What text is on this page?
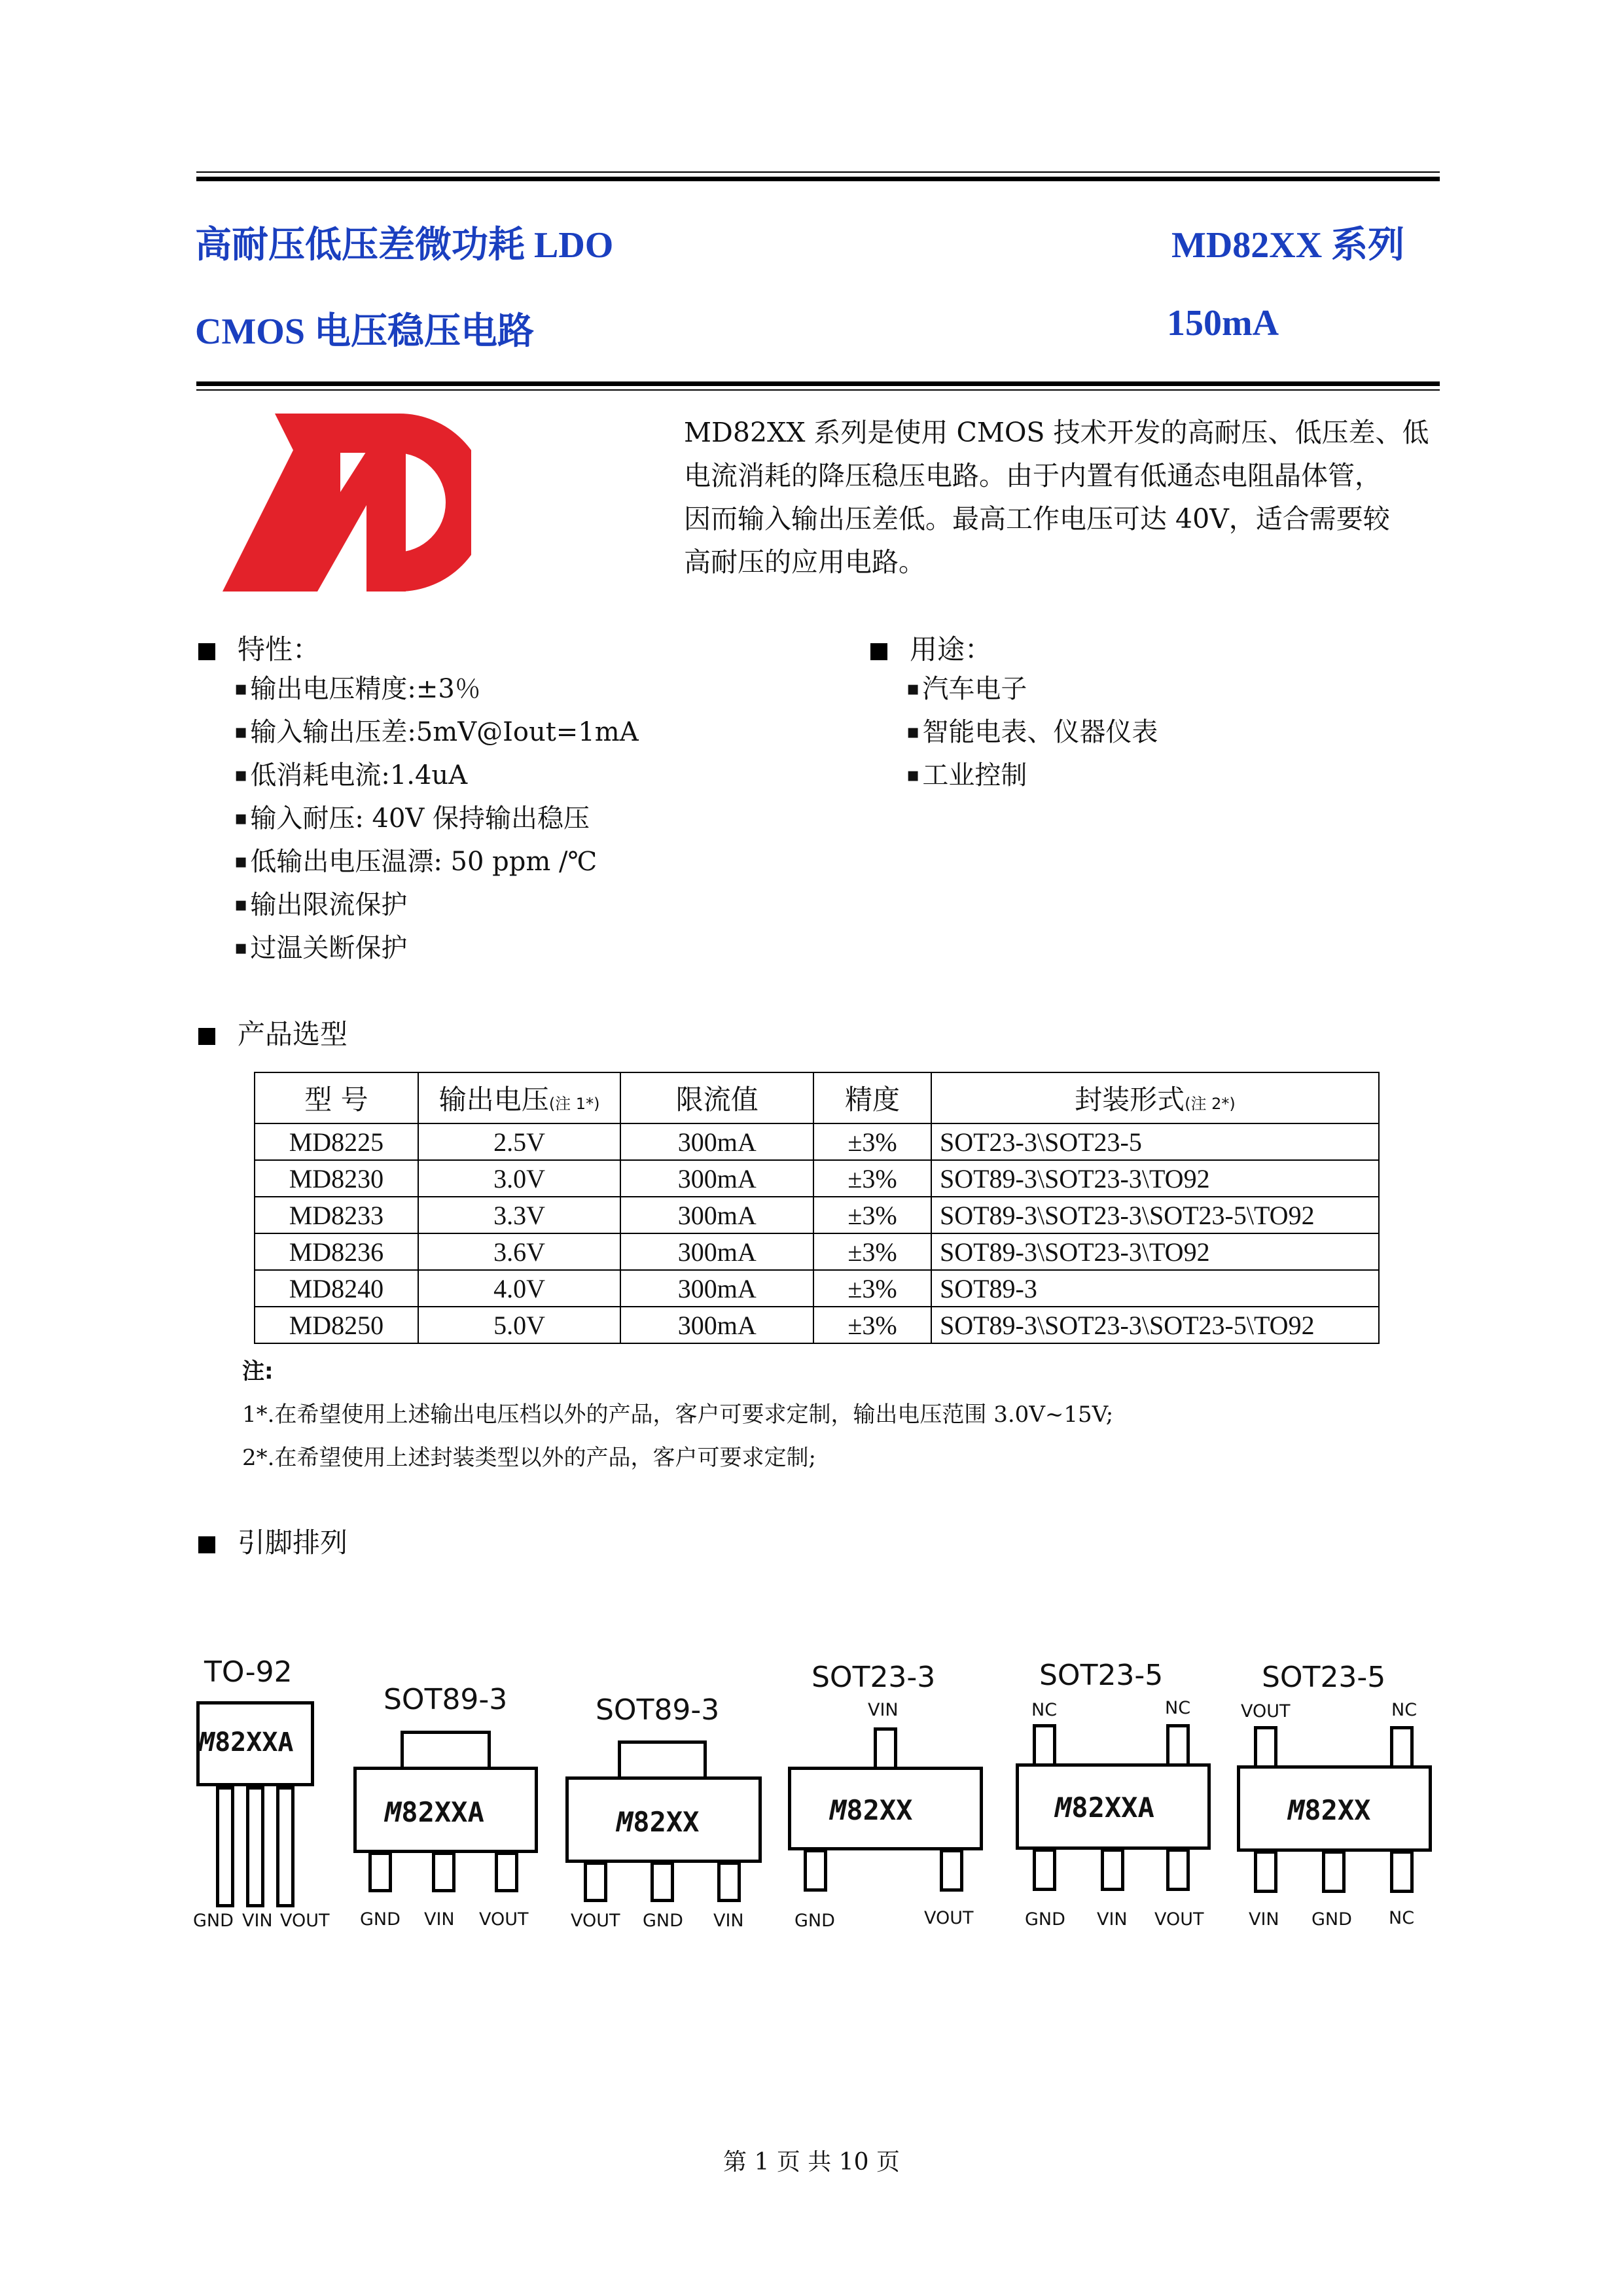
高耐压低压差微功耗 LDO	MD82XX 系列
CMOS 电压稳压电路	150mA

MD82XX 系列是使用 CMOS 技术开发的高耐压、低压差、低

电流消耗的降压稳压电路。由于内置有低通态电阻晶体管，

因而输入输出压差低。最高工作电压可达 40V，适合需要较

高耐压的应用电路。

特性：
▪ 输出电压精度:±3％
▪ 输入输出压差:5mV@Iout=1mA
▪ 低消耗电流:1.4uA
▪ 输入耐压: 40V 保持输出稳压
▪ 低输出电压温漂: 50 ppm /℃
▪ 输出限流保护
▪ 过温关断保护
用途：
▪ 汽车电子
▪ 智能电表、仪器仪表
▪ 工业控制
产品选型
型 号	输出电压(注 1*)	限流值	精度	封装形式(注 2*)
MD8225	2.5V	300mA	±3%	SOT23-3\SOT23-5
MD8230	3.0V	300mA	±3%	SOT89-3\SOT23-3\TO92
MD8233	3.3V	300mA	±3%	SOT89-3\SOT23-3\SOT23-5\TO92
MD8236	3.6V	300mA	±3%	SOT89-3\SOT23-3\TO92
MD8240	4.0V	300mA	±3%	SOT89-3
MD8250	5.0V	300mA	±3%	SOT89-3\SOT23-3\SOT23-5\TO92
注:
1*.在希望使用上述输出电压档以外的产品，客户可要求定制，输出电压范围 3.0V~15V;
2*.在希望使用上述封装类型以外的产品，客户可要求定制;
引脚排列
TO-92
M82XXA
GND VIN VOUT
SOT89-3
M82XXA
GND VIN VOUT
SOT89-3
M82XX
VOUT GND VIN
SOT23-3
VIN
M82XX
GND	VOUT
SOT23-5
NC	NC
M82XXA
GND VIN VOUT
SOT23-5
VOUT	NC
M82XX
VIN GND NC
第 1 页 共 10 页
